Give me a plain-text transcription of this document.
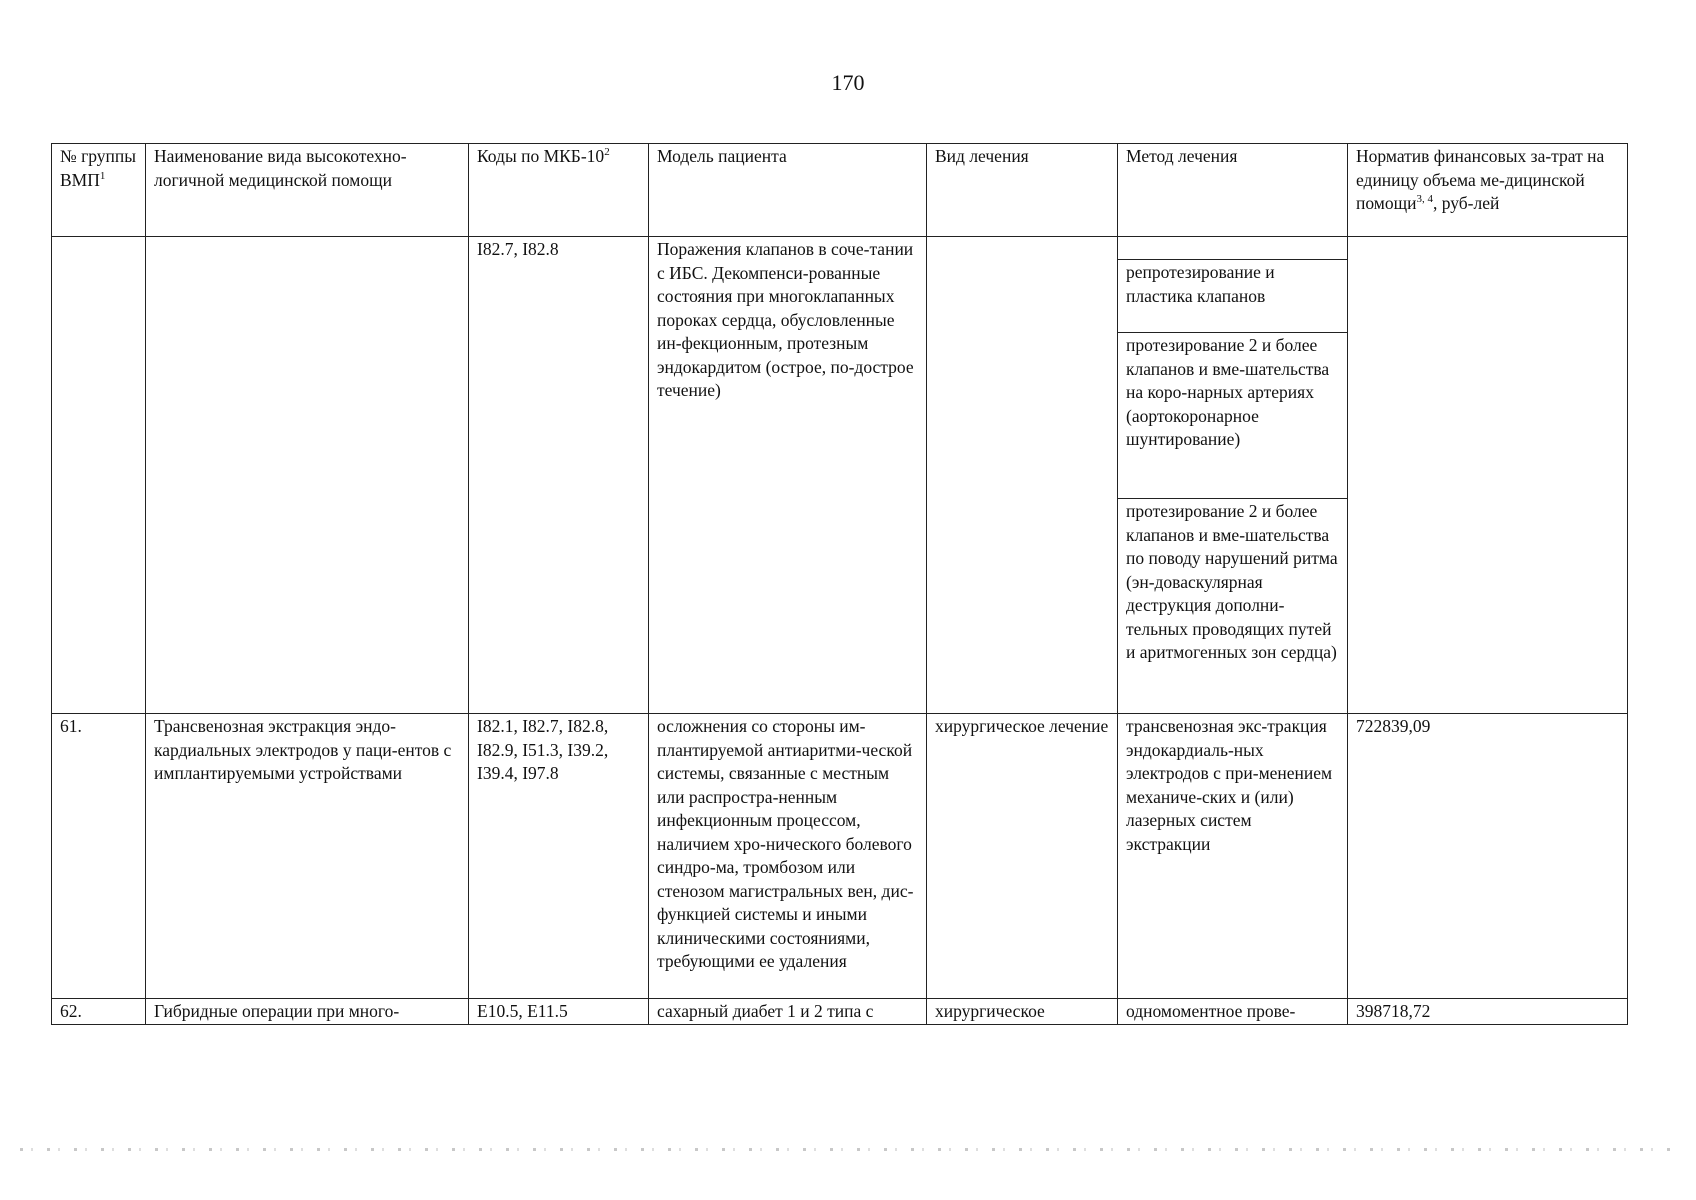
170
№ группы ВМП$^1$	Наименование вида высокотехно-логичной медицинской помощи	Коды по МКБ-$10^2$	Модель пациента	Вид лечения	Метод лечения	Норматив финансовых за-трат на единицу объема ме-дицинской помощи$^{3, 4}$, руб-лей
		I82.7, I82.8	Поражения клапанов в соче-тании с ИБС. Декомпенси-рованные состояния при многоклапанных пороках сердца, обусловленные ин-фекционным, протезным эндокардитом (острое, по-дострое течение)		репротезирование и пластика клапанов
протезирование 2 и более клапанов и вме-шательства на коро-нарных артериях (аортокоронарное шунтирование)
протезирование 2 и более клапанов и вме-шательства по поводу нарушений ритма (эн-доваскулярная деструкция дополни-тельных проводящих путей и аритмогенных зон сердца)	

61.	Трансвенозная экстракция эндо-кардиальных электродов у паци-ентов с имплантируемыми устройствами	I82.1, I82.7, I82.8, I82.9, I51.3, I39.2, I39.4, I97.8	осложнения со стороны им-плантируемой антиаритми-ческой системы, связанные с местным или распростра-ненным инфекционным процессом, наличием хро-нического болевого синдро-ма, тромбозом или стенозом магистральных вен, дис-функцией системы и иными клиническими состояниями, требующими ее удаления	хирургическое лечение	трансвенозная экс-тракция эндокардиаль-ных электродов с при-менением механиче-ских и (или) лазерных систем экстракции	722839,09
62.	Гибридные операции при много-	E10.5, E11.5	сахарный диабет 1 и 2 типа с	хирургическое	одномоментное прове-	398718,72
